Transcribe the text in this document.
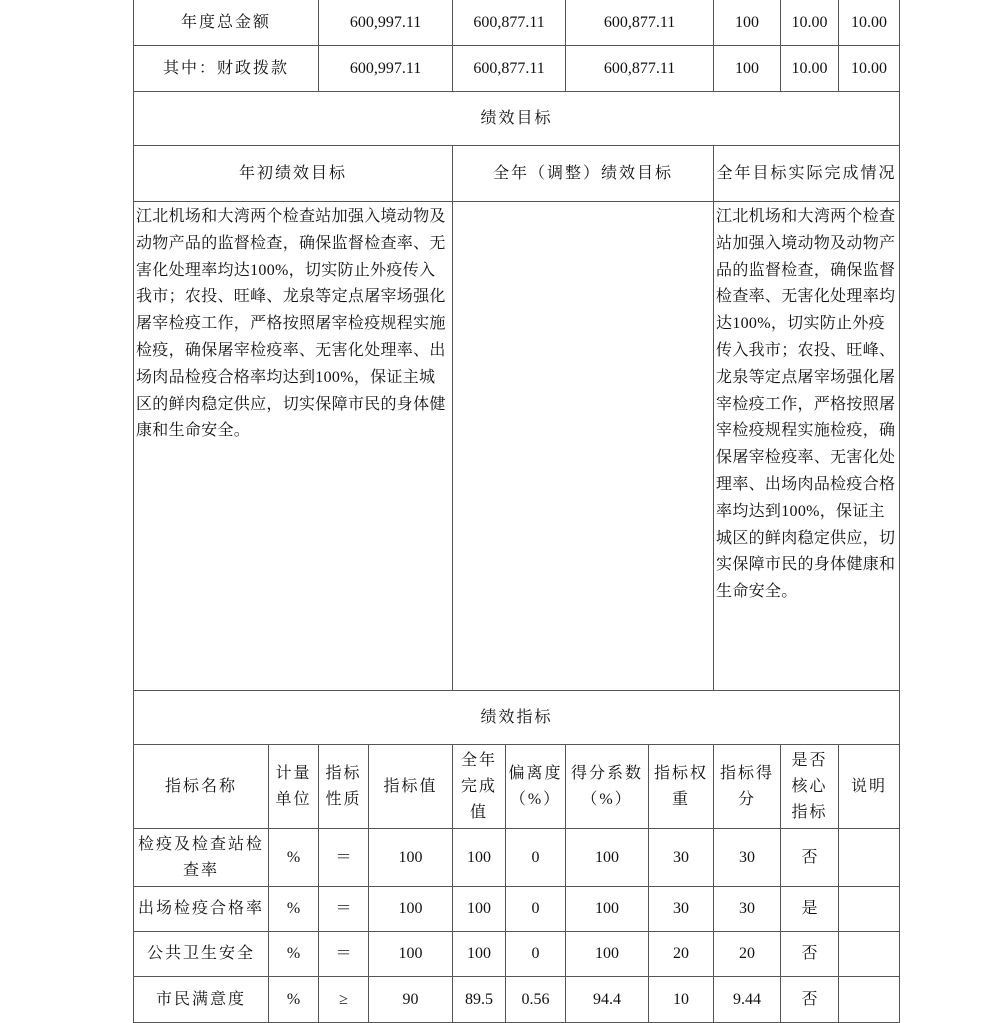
年度总金额		600,997.11		600,877.11		600,877.11		100	10.00	10.00
其中：财政拨款		600,997.11		600,877.11		600,877.11		100	10.00	10.00
绩效目标										
年初绩效目标				全年（调整）绩效目标				全年目标实际完成情况		
江北机场和大湾两个检查站加强入境动物及动物产品的监督检查，确保监督检查率、无害化处理率均达100%，切实防止外疫传入我市；农投、旺峰、龙泉等定点屠宰场强化屠宰检疫工作，严格按照屠宰检疫规程实施检疫，确保屠宰检疫率、无害化处理率、出场肉品检疫合格率均达到100%，保证主城区的鲜肉稳定供应，切实保障市民的身体健康和生命安全。								江北机场和大湾两个检查站加强入境动物及动物产品的监督检查，确保监督检查率、无害化处理率均达100%，切实防止外疫传入我市；农投、旺峰、龙泉等定点屠宰场强化屠宰检疫工作，严格按照屠宰检疫规程实施检疫，确保屠宰检疫率、无害化处理率、出场肉品检疫合格率均达到100%，保证主城区的鲜肉稳定供应，切实保障市民的身体健康和生命安全。		
绩效指标										
指标名称	计量单位	指标性质	指标值	全年完成值	偏离度（%）	得分系数（%）	指标权重	指标得分	是否核心指标	说明
检疫及检查站检查率	%	＝	100	100	0	100	30	30	否	
出场检疫合格率	%	＝	100	100	0	100	30	30	是	
公共卫生安全	%	＝	100	100	0	100	20	20	否	
市民满意度	%	≥	90	89.5	0.56	94.4	10	9.44	否	
